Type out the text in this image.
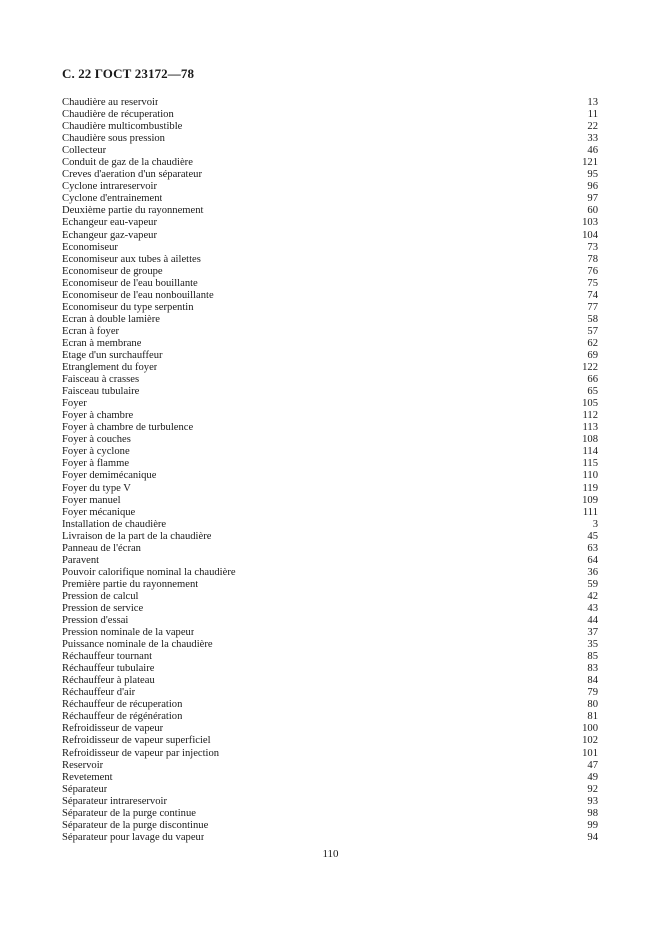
С. 22 ГОСТ 23172—78
Chaudière au reservoir	13
Chaudière de récuperation	11
Chaudière multicombustible	22
Chaudière sous pression	33
Collecteur	46
Conduit de gaz de la chaudière	121
Creves d'aeration d'un séparateur	95
Cyclone intrareservoir	96
Cyclone d'entrainement	97
Deuxième partie du rayonnement	60
Echangeur eau-vapeur	103
Echangeur gaz-vapeur	104
Economiseur	73
Economiseur aux tubes à ailettes	78
Economiseur de groupe	76
Economiseur de l'eau bouillante	75
Economiseur de l'eau nonbouillante	74
Economiseur du type serpentin	77
Ecran à double lamière	58
Ecran à foyer	57
Ecran à membrane	62
Etage d'un surchauffeur	69
Etranglement du foyer	122
Faisceau à crasses	66
Faisceau tubulaire	65
Foyer	105
Foyer à chambre	112
Foyer à chambre de turbulence	113
Foyer à couches	108
Foyer à cyclone	114
Foyer à flamme	115
Foyer demimécanique	110
Foyer du type V	119
Foyer manuel	109
Foyer mécanique	111
Installation de chaudière	3
Livraison de la part de la chaudière	45
Panneau de l'écran	63
Paravent	64
Pouvoir calorifique nominal la chaudière	36
Première partie du rayonnement	59
Pression de calcul	42
Pression de service	43
Pression d'essai	44
Pression nominale de la vapeur	37
Puissance nominale de la chaudière	35
Réchauffeur tournant	85
Réchauffeur tubulaire	83
Réchauffeur à plateau	84
Réchauffeur d'air	79
Réchauffeur de récuperation	80
Réchauffeur de régénération	81
Refroidisseur de vapeur	100
Refroidisseur de vapeur superficiel	102
Refroidisseur de vapeur par injection	101
Reservoir	47
Revetement	49
Séparateur	92
Séparateur intrareservoir	93
Séparateur de la purge continue	98
Séparateur de la purge discontinue	99
Séparateur pour lavage du vapeur	94
110
